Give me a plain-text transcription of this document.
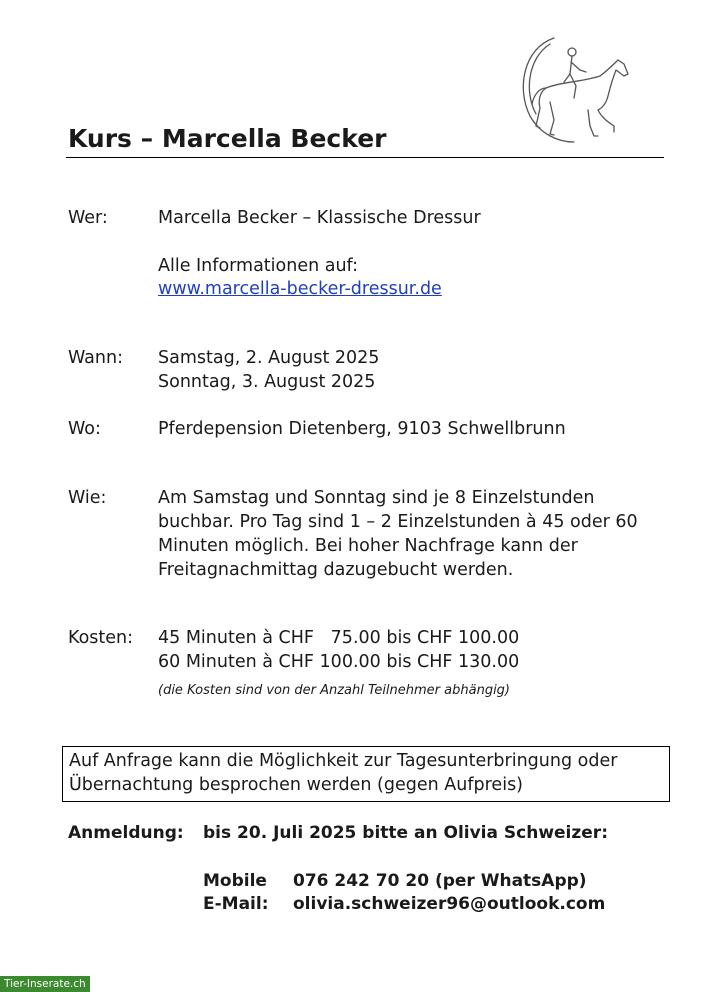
Kurs – Marcella Becker
Wer:	Marcella Becker – Klassische Dressur
Alle Informationen auf:
www.marcella-becker-dressur.de
Wann: Samstag, 2. August 2025
Sonntag, 3. August 2025
Wo:	Pferdepension Dietenberg, 9103 Schwellbrunn
Wie:	Am Samstag und Sonntag sind je 8 Einzelstunden
buchbar. Pro Tag sind 1 – 2 Einzelstunden à 45 oder 60
Minuten möglich. Bei hoher Nachfrage kann der
Freitagnachmittag dazugebucht werden.
Kosten: 45 Minuten à CHF   75.00 bis CHF 100.00
60 Minuten à CHF 100.00 bis CHF 130.00
(die Kosten sind von der Anzahl Teilnehmer abhängig)
Auf Anfrage kann die Möglichkeit zur Tagesunterbringung oder
Übernachtung besprochen werden (gegen Aufpreis)
Anmeldung: bis 20. Juli 2025 bitte an Olivia Schweizer:
Mobile 076 242 70 20 (per WhatsApp)
E-Mail: olivia.schweizer96@outlook.com
Tier-Inserate.ch
